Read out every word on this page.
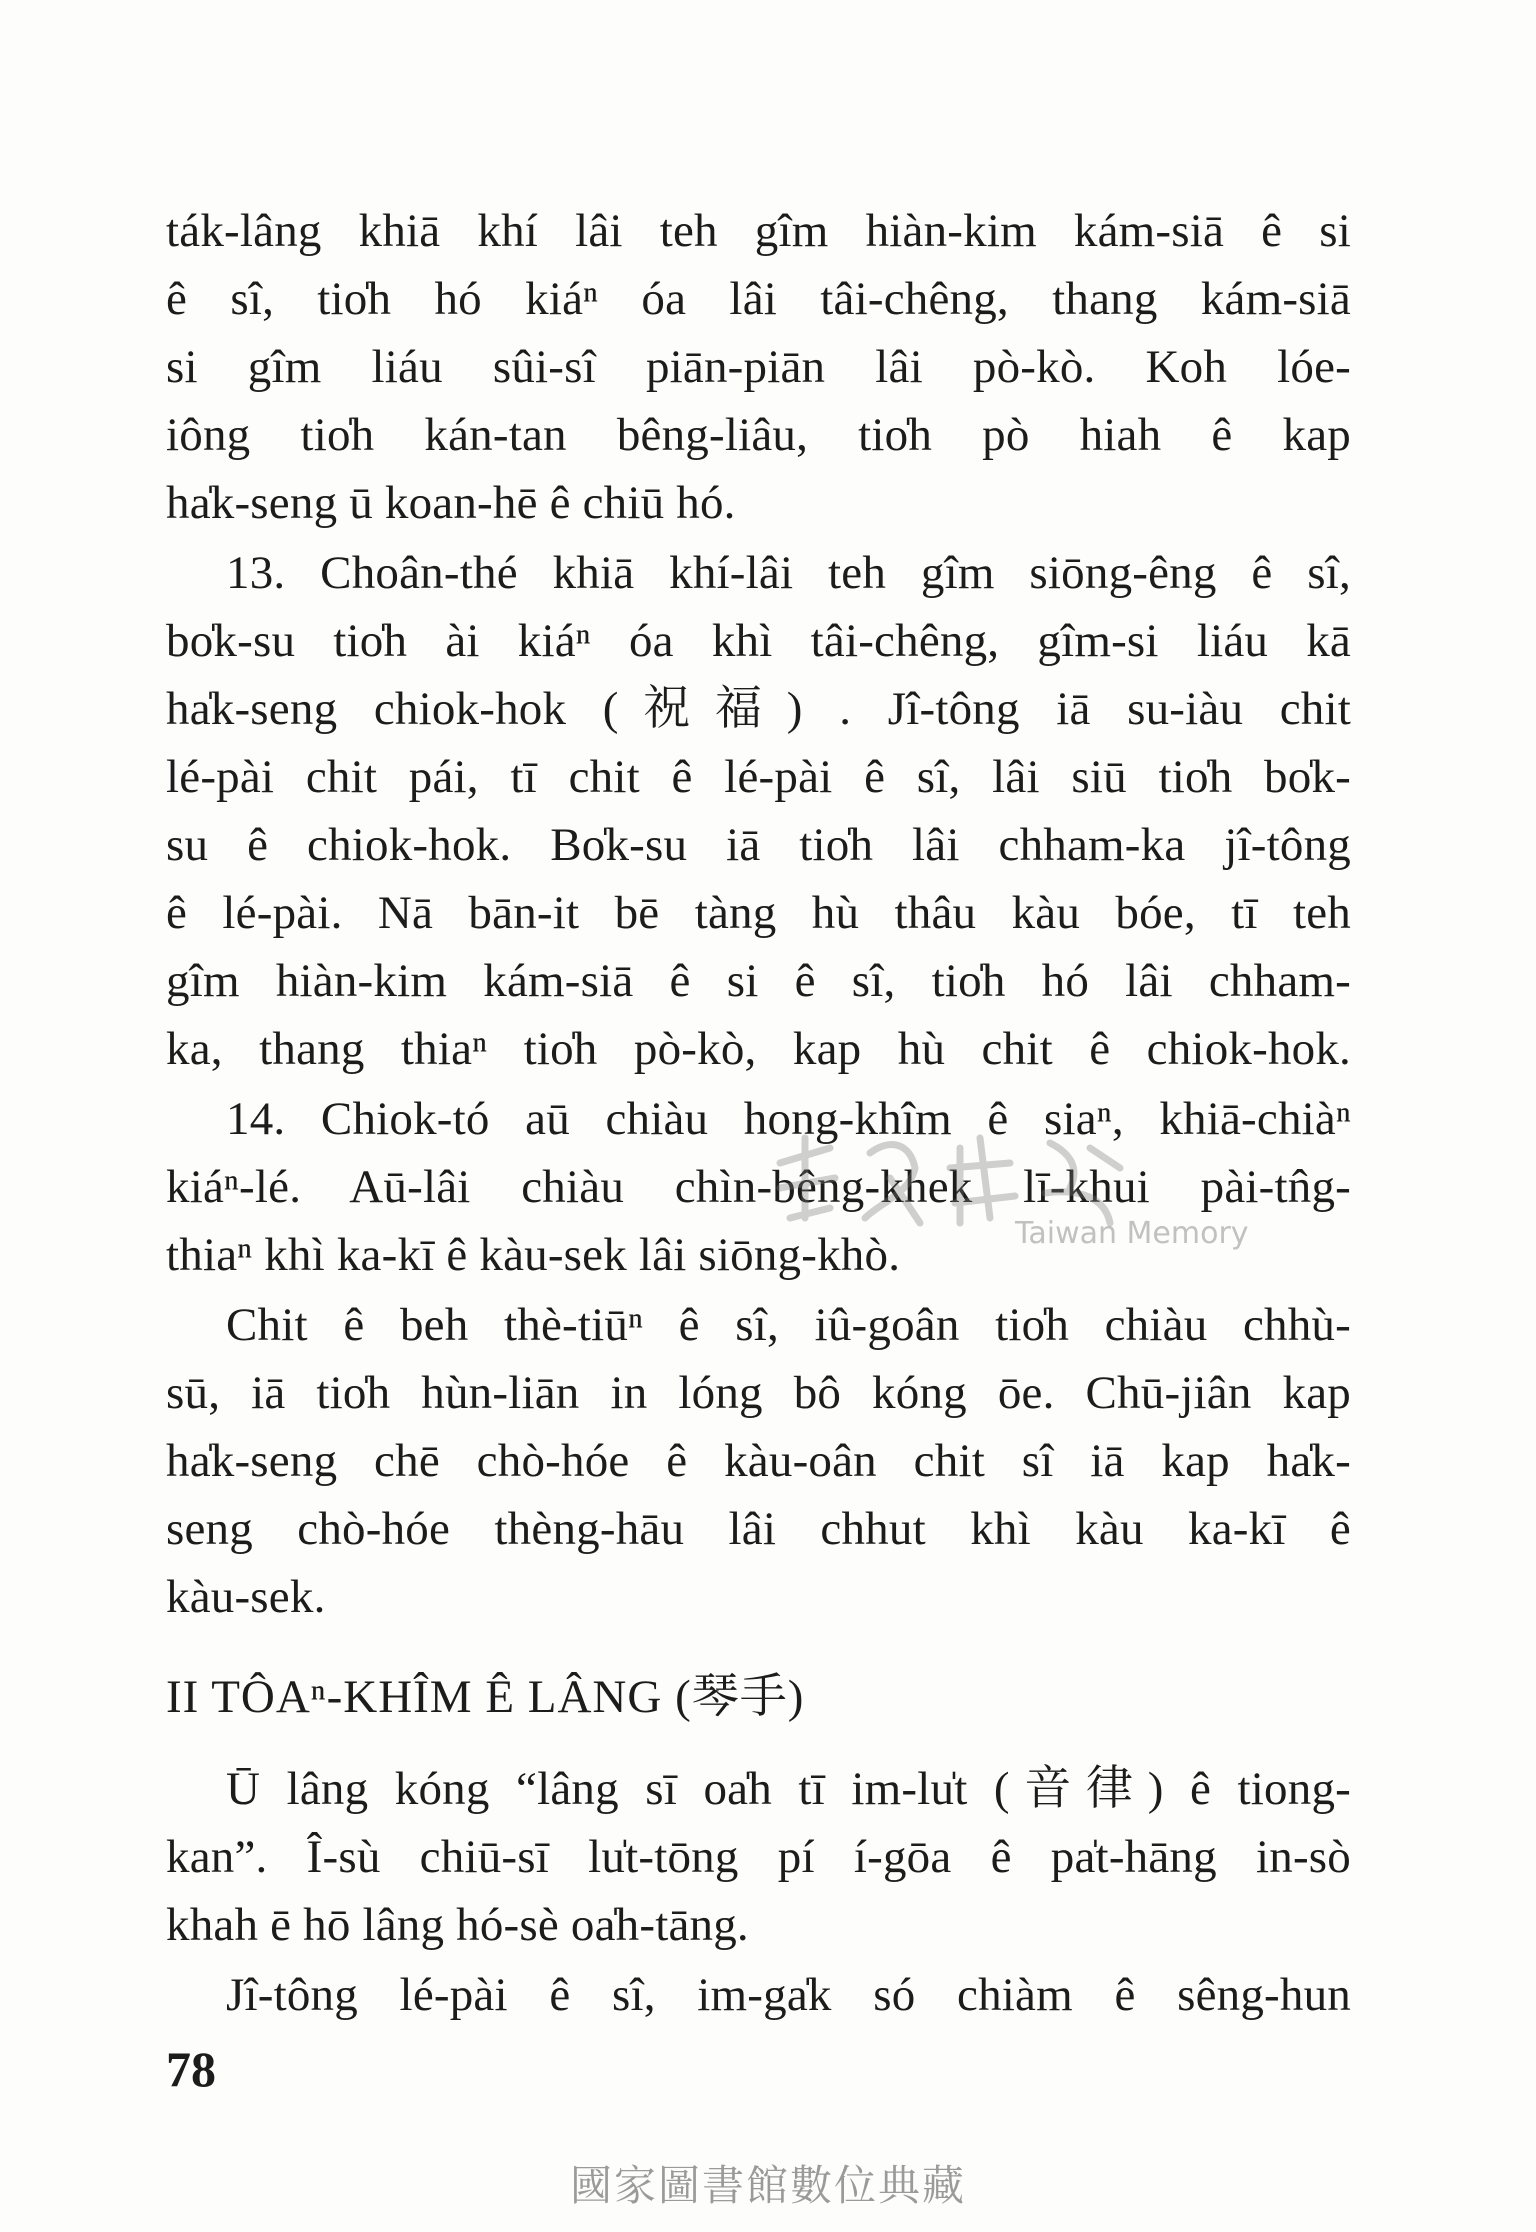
ták-lâng khiā khí lâi teh gîm hiàn-kim kám-siā ê si
ê sî, tio̍h hó kiáⁿ óa lâi tâi-chêng, thang kám-siā
si gîm liáu sûi-sî piān-piān lâi pò-kò. Koh lóe-
iông tio̍h kán-tan bêng-liâu, tio̍h pò hiah ê kap
ha̍k-seng ū koan-hē ê chiū hó.
13. Choân-thé khiā khí-lâi teh gîm siōng-êng ê sî,
bo̍k-su tio̍h ài kiáⁿ óa khì tâi-chêng, gîm-si liáu kā
ha̍k-seng chiok-hok (祝福) . Jî-tông iā su-iàu chit
lé-pài chit pái, tī chit ê lé-pài ê sî, lâi siū tio̍h bo̍k-
su ê chiok-hok. Bo̍k-su iā tio̍h lâi chham-ka jî-tông
ê lé-pài. Nā bān-it bē tàng hù thâu kàu bóe, tī teh
gîm hiàn-kim kám-siā ê si ê sî, tio̍h hó lâi chham-
ka, thang thiaⁿ tio̍h pò-kò, kap hù chit ê chiok-hok.
14. Chiok-tó aū chiàu hong-khîm ê siaⁿ, khiā-chiàⁿ
kiáⁿ-lé. Aū-lâi chiàu chìn-bêng-khek lī-khui pài-tn̂g-
thiaⁿ khì ka-kī ê kàu-sek lâi siōng-khò.
Chit ê beh thè-tiūⁿ ê sî, iû-goân tio̍h chiàu chhù-
sū, iā tio̍h hùn-liān in lóng bô kóng ōe. Chū-jiân kap
ha̍k-seng chē chò-hóe ê kàu-oân chit sî iā kap ha̍k-
seng chò-hóe thèng-hāu lâi chhut khì kàu ka-kī ê
kàu-sek.
II TÔAⁿ-KHÎM Ê LÂNG (琴手)
Ū lâng kóng “lâng sī oa̍h tī im-lu̍t (音律) ê tiong-
kan”. Î-sù chiū-sī lu̍t-tōng pí í-gōa ê pa̍t-hāng in-sò
khah ē hō lâng hó-sè oa̍h-tāng.
Jî-tông lé-pài ê sî, im-ga̍k só chiàm ê sêng-hun
78
Taiwan Memory
國家圖書館數位典藏
